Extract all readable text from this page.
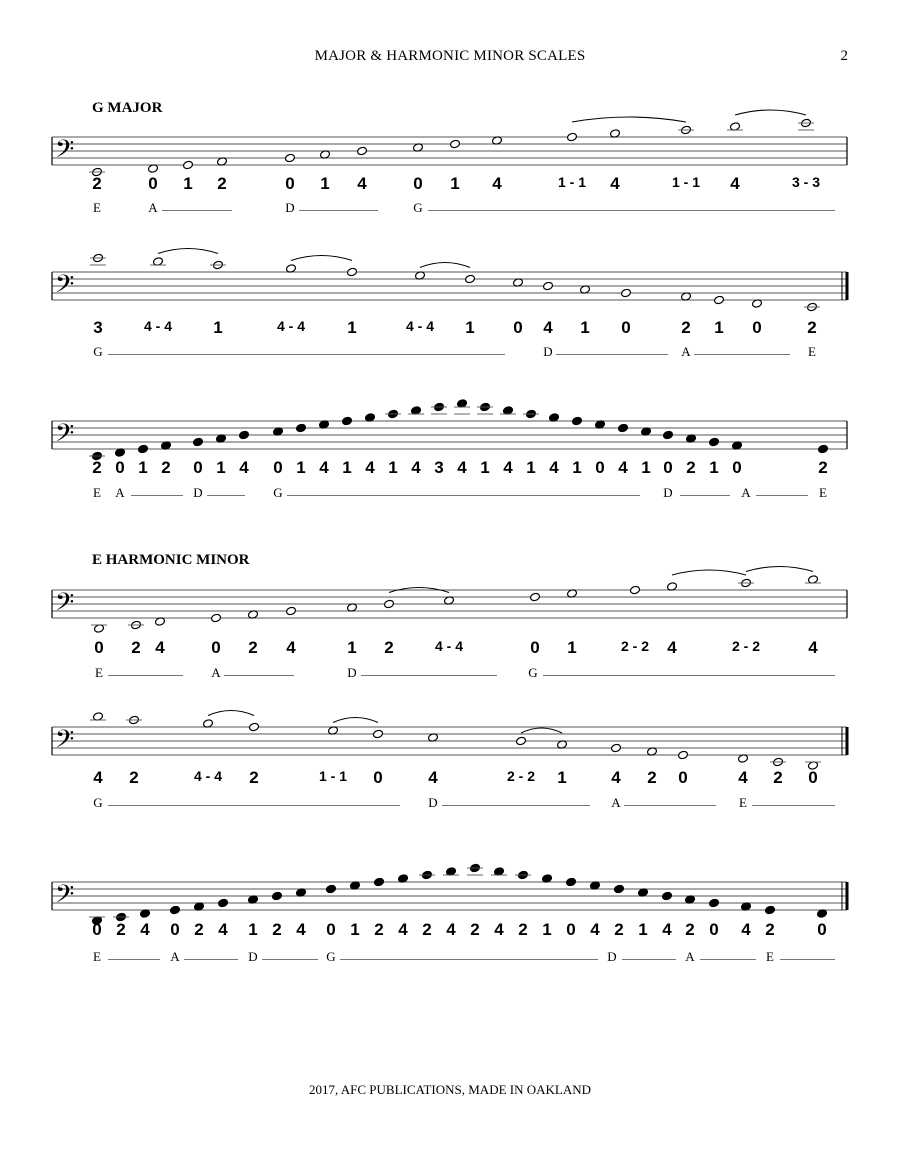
MAJOR & HARMONIC MINOR SCALES	2
G MAJOR
E HARMONIC MINOR
𝄢
𝄢
𝄢
𝄢
𝄢
𝄢
2	0 1 2	0 1 4	0 1 4	1 - 1 4	1 - 1 4	3 - 3
E	A	D	G
3	4 - 4 1	4 - 4 1	4 - 4 1 0 4 1 0	2 1 0	2
G	D	A	E
2 0 1 2 0 1 4 0 1 4 1 4 1 4 3 4 1 4 1 4 1 0 4 1 0 2 1 0	2
E A	D	G	D	A	E
0 2 4	0 2 4	1 2	4 - 4	0 1	2 - 2 4	2 - 2	4
E	A	D	G
4 2	4 - 4 2	1 - 1 0	4	2 - 2 1	4 2 0	4 2 0
G	D	A	E
0 2 4 0 2 4 1 2 4 0 1 2 4 2 4 2 4 2 1 0 4 2 1 4 2 0 4 2	0
E	A	D	G	D	A	E
2017, AFC PUBLICATIONS, MADE IN OAKLAND
